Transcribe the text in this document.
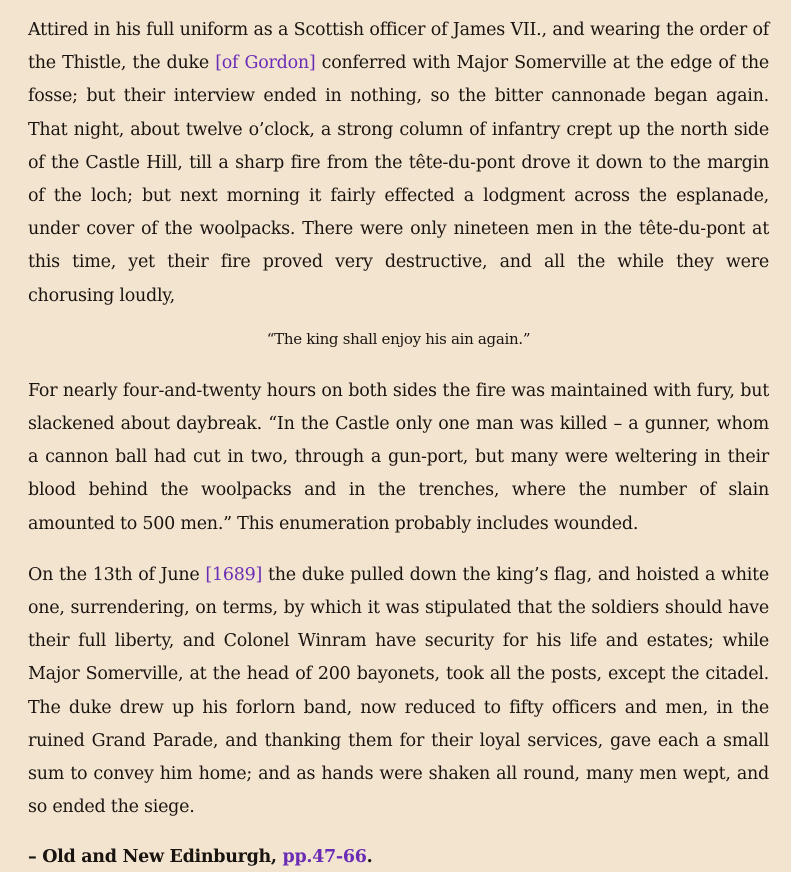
Attired in his full uniform as a Scottish officer of James VII., and wearing the order of the Thistle, the duke [of Gordon] conferred with Major Somerville at the edge of the fosse; but their interview ended in nothing, so the bitter cannonade began again. That night, about twelve o’clock, a strong column of infantry crept up the north side of the Castle Hill, till a sharp fire from the tête-du-pont drove it down to the margin of the loch; but next morning it fairly effected a lodgment across the esplanade, under cover of the woolpacks. There were only nineteen men in the tête-du-pont at this time, yet their fire proved very destructive, and all the while they were chorusing loudly,

“The king shall enjoy his ain again.”

For nearly four-and-twenty hours on both sides the fire was maintained with fury, but slackened about daybreak. “In the Castle only one man was killed – a gunner, whom a cannon ball had cut in two, through a gun-port, but many were weltering in their blood behind the woolpacks and in the trenches, where the number of slain amounted to 500 men.” This enumeration probably includes wounded.

On the 13th of June [1689] the duke pulled down the king’s flag, and hoisted a white one, surrendering, on terms, by which it was stipulated that the soldiers should have their full liberty, and Colonel Winram have security for his life and estates; while Major Somerville, at the head of 200 bayonets, took all the posts, except the citadel. The duke drew up his forlorn band, now reduced to fifty officers and men, in the ruined Grand Parade, and thanking them for their loyal services, gave each a small sum to convey him home; and as hands were shaken all round, many men wept, and so ended the siege.

– Old and New Edinburgh, pp.47-66.
